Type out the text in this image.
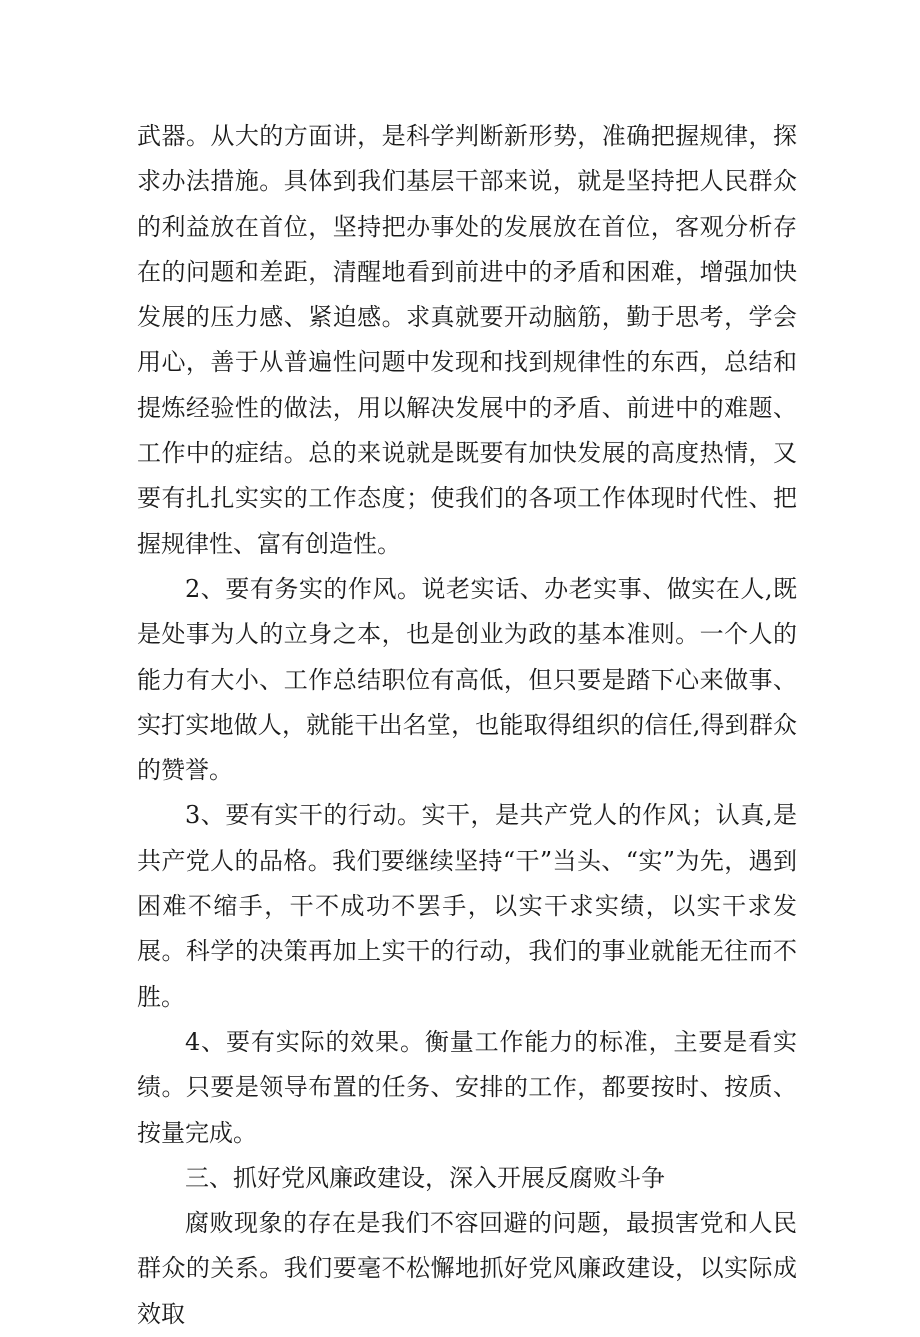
武器。从大的方面讲，是科学判断新形势，准确把握规律，探求办法措施。具体到我们基层干部来说，就是坚持把人民群众的利益放在首位，坚持把办事处的发展放在首位，客观分析存在的问题和差距，清醒地看到前进中的矛盾和困难，增强加快发展的压力感、紧迫感。求真就要开动脑筋，勤于思考，学会用心，善于从普遍性问题中发现和找到规律性的东西，总结和提炼经验性的做法，用以解决发展中的矛盾、前进中的难题、工作中的症结。总的来说就是既要有加快发展的高度热情，又要有扎扎实实的工作态度；使我们的各项工作体现时代性、把握规律性、富有创造性。

2、要有务实的作风。说老实话、办老实事、做实在人,既是处事为人的立身之本，也是创业为政的基本准则。一个人的能力有大小、工作总结职位有高低，但只要是踏下心来做事、实打实地做人，就能干出名堂，也能取得组织的信任,得到群众的赞誉。

3、要有实干的行动。实干，是共产党人的作风；认真,是共产党人的品格。我们要继续坚持“干”当头、“实”为先，遇到困难不缩手，干不成功不罢手，以实干求实绩，以实干求发展。科学的决策再加上实干的行动，我们的事业就能无往而不胜。

4、要有实际的效果。衡量工作能力的标准，主要是看实绩。只要是领导布置的任务、安排的工作，都要按时、按质、按量完成。

三、抓好党风廉政建设，深入开展反腐败斗争

腐败现象的存在是我们不容回避的问题，最损害党和人民群众的关系。我们要毫不松懈地抓好党风廉政建设，以实际成效取
